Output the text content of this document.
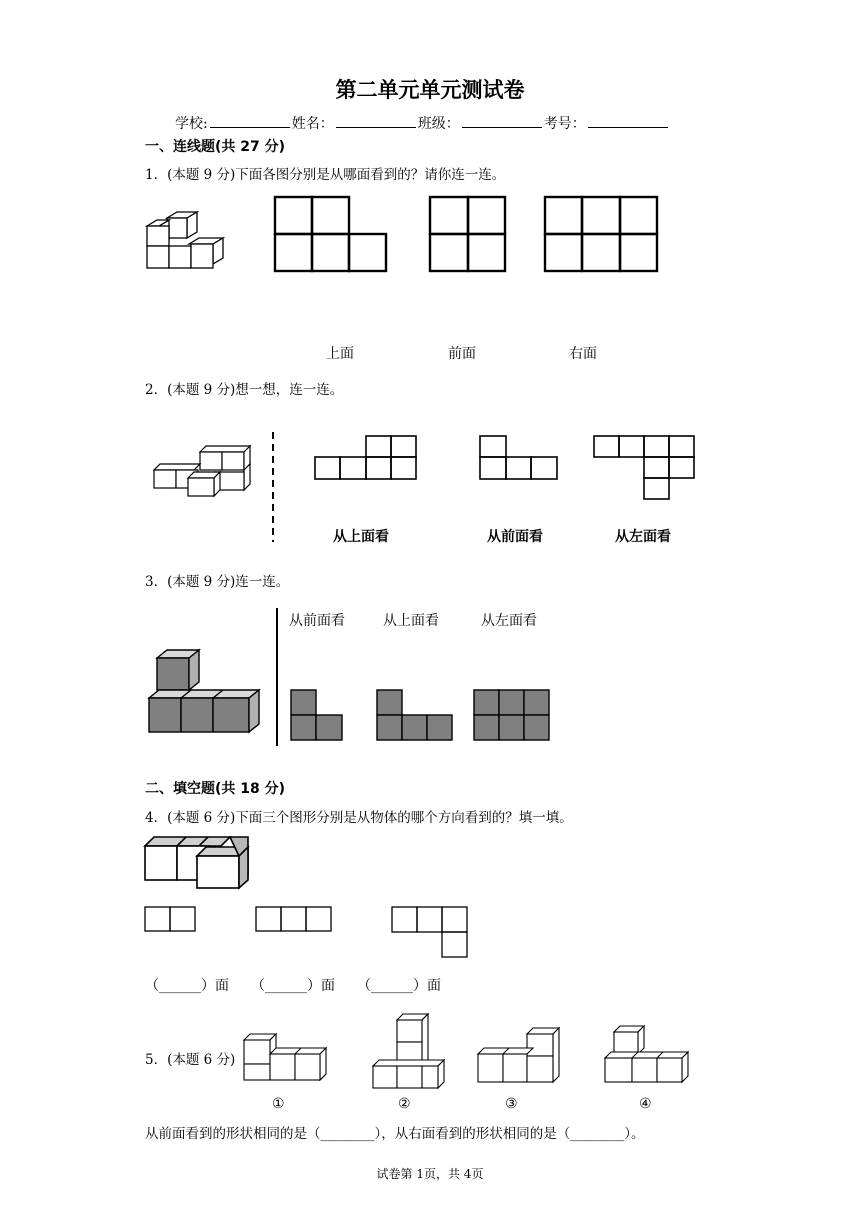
第二单元单元测试卷
学校:	姓名：	班级：	考号：
一、连线题(共 27 分)
1．(本题 9 分)下面各图分别是从哪面看到的？请你连一连。
上面	前面	右面
2．(本题 9 分)想一想，连一连。
从上面看	从前面看	从左面看
3．(本题 9 分)连一连。
从前面看	从上面看	从左面看
二、填空题(共 18 分)
4．(本题 6 分)下面三个图形分别是从物体的哪个方向看到的？填一填。
（______）面 （______）面 （______）面
5．(本题 6 分)
①	②	③	④
从前面看到的形状相同的是（________），从右面看到的形状相同的是（________）。
试卷第 1页，共 4页
